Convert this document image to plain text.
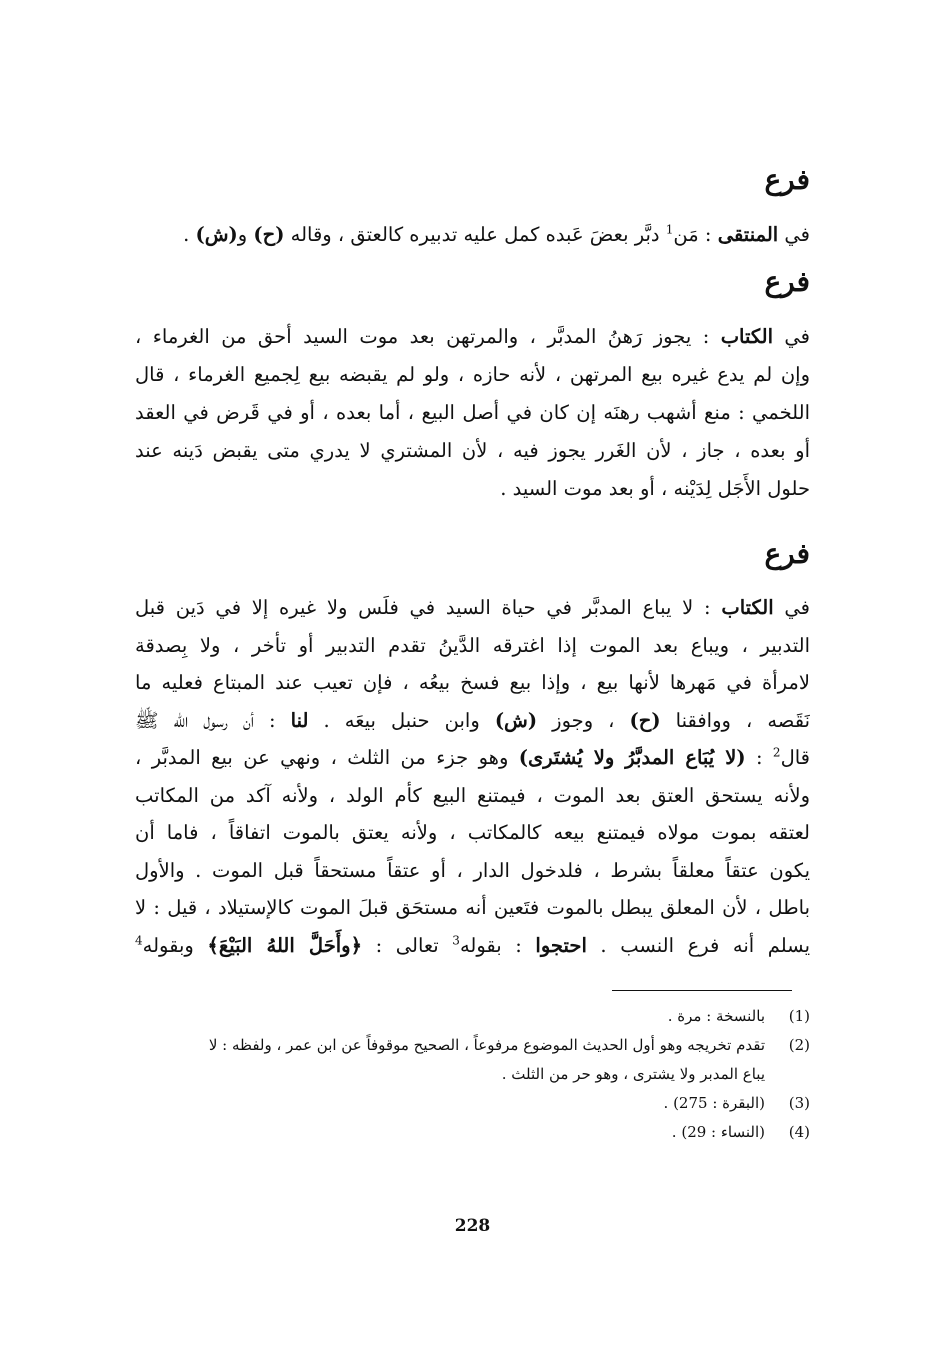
فرع
في المنتقى : مَن$^1$ دبَّر بعضَ عَبده كمل عليه تدبيره كالعتق ، وقاله (ح) و(ش) .
فرع
في الكتاب : يجوز رَهنُ المدبَّر ، والمرتهن بعد موت السيد أحق من الغرماء ،
وإن لم يدع غيره بيع المرتهن ، لأنه حازه ، ولو لم يقبضه بيع لِجميع الغرماء ، قال
اللخمي : منع أشهب رهنَه إن كان في أصل البيع ، أما بعده ، أو في قَرض في العقد
أو بعده ، جاز ، لأن الغَرر يجوز فيه ، لأن المشتري لا يدري متى يقبض دَينه عند
حلول الأَجَل لِدَيْنه ، أو بعد موت السيد .
فرع
في الكتاب : لا يباع المدبَّر في حياة السيد في فلَس ولا غيره إلا في دَين قبل
التدبير ، ويباع بعد الموت إذا اغترقه الدَّينُ تقدم التدبير أو تأخر ، ولا بِصدقة
لامرأة في مَهرها لأنها بيع ، وإذا بيع فسخ بيعُه ، فإن تعيب عند المبتاع فعليه ما
نَقَصه ، ووافقنا (ح) ، وجوز (ش) وابن حنبل بيعَه . لنا : أن رسول الله ﷺ
قال$^2$ : (لا يُبَاع المدبَّرُ ولا يُشتَرى) وهو جزء من الثلث ، ونهي عن بيع المدبَّر ،
ولأنه يستحق العتق بعد الموت ، فيمتنع البيع كأم الولد ، ولأنه آكد من المكاتب
لعتقه بموت مولاه فيمتنع بيعه كالمكاتب ، ولأنه يعتق بالموت اتفاقاً ، فاما أن
يكون عتقاً معلقاً بشرط ، فلدخول الدار ، أو عتقاً مستحقاً قبل الموت . والأول
باطل ، لأن المعلق يبطل بالموت فتَعين أنه مستحَق قبلَ الموت كالإستيلاد ، قيل : لا
يسلم أنه فرع النسب . احتجوا : بقوله$^3$ تعالى : ﴿وأَحَلَّ اللهُ البَيْعَ﴾ وبقوله$^4$
(1)
بالنسخة : مرة .
(2)
تقدم تخريجه وهو أول الحديث الموضوع مرفوعاً ، الصحيح موقوفاً عن ابن عمر ، ولفظه : لا
يباع المدبر ولا يشترى ، وهو حر من الثلث .
(3)
(البقرة : 275) .
(4)
(النساء : 29) .
228
